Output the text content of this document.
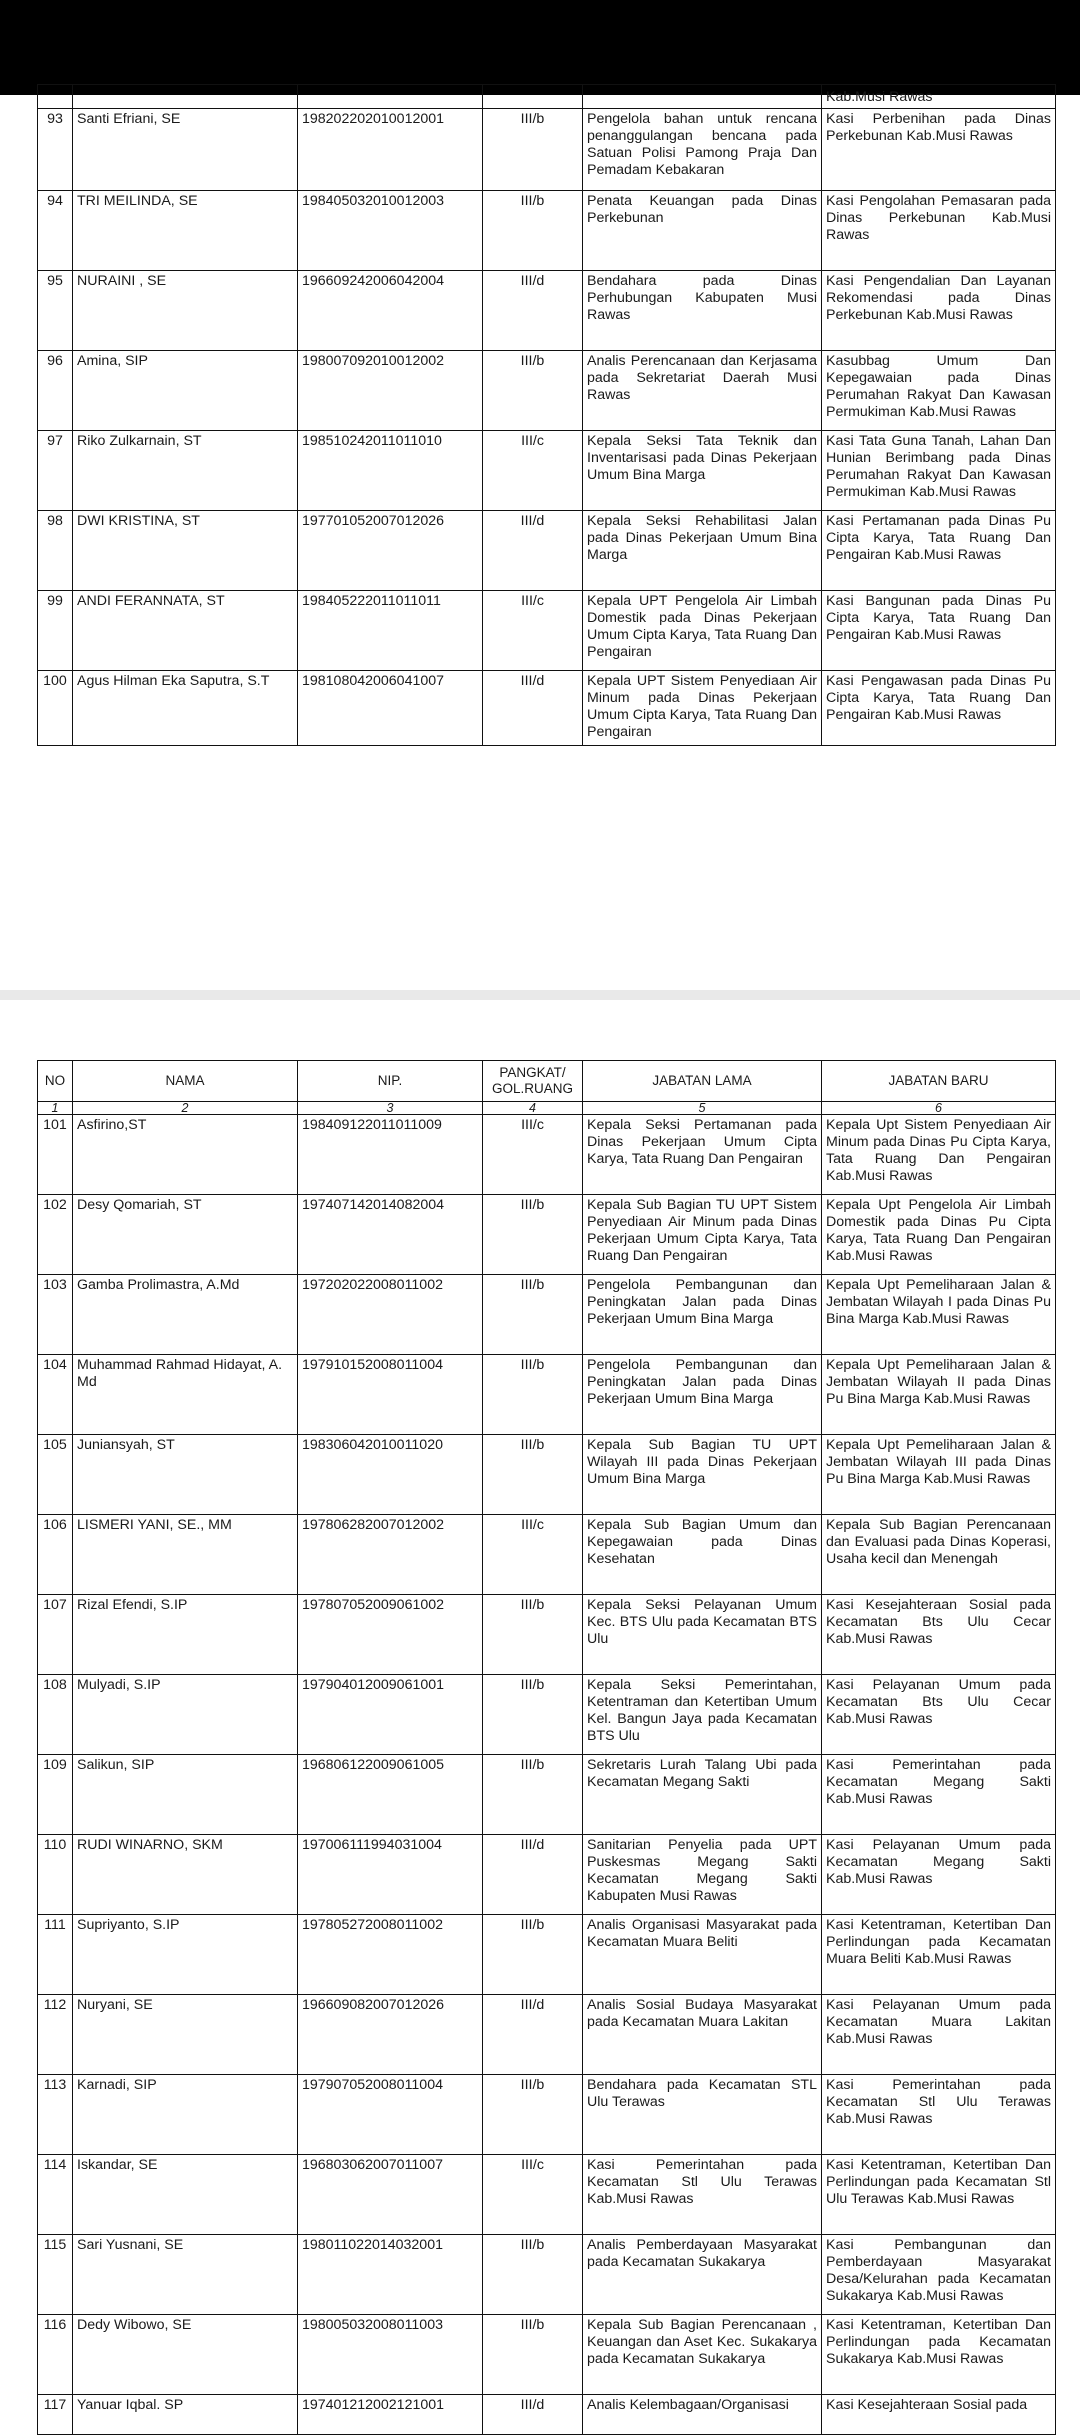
					Kab.Musi Rawas
93	Santi Efriani, SE	198202202010012001	III/b	Pengelola bahan untuk rencana penanggulangan bencana pada Satuan Polisi Pamong Praja Dan Pemadam Kebakaran	Kasi Perbenihan pada Dinas Perkebunan Kab.Musi Rawas
94	TRI MEILINDA, SE	198405032010012003	III/b	Penata Keuangan pada Dinas Perkebunan	Kasi Pengolahan Pemasaran pada Dinas Perkebunan Kab.Musi Rawas
95	NURAINI , SE	196609242006042004	III/d	Bendahara pada Dinas Perhubungan Kabupaten Musi Rawas	Kasi Pengendalian Dan Layanan Rekomendasi pada Dinas Perkebunan Kab.Musi Rawas
96	Amina, SIP	198007092010012002	III/b	Analis Perencanaan dan Kerjasama pada Sekretariat Daerah Musi Rawas	Kasubbag Umum Dan Kepegawaian pada Dinas Perumahan Rakyat Dan Kawasan Permukiman Kab.Musi Rawas
97	Riko Zulkarnain, ST	198510242011011010	III/c	Kepala Seksi Tata Teknik dan Inventarisasi pada Dinas Pekerjaan Umum Bina Marga	Kasi Tata Guna Tanah, Lahan Dan Hunian Berimbang pada Dinas Perumahan Rakyat Dan Kawasan Permukiman Kab.Musi Rawas
98	DWI KRISTINA, ST	197701052007012026	III/d	Kepala Seksi Rehabilitasi Jalan pada Dinas Pekerjaan Umum Bina Marga	Kasi Pertamanan pada Dinas Pu Cipta Karya, Tata Ruang Dan Pengairan Kab.Musi Rawas
99	ANDI FERANNATA, ST	198405222011011011	III/c	Kepala UPT Pengelola Air Limbah Domestik pada Dinas Pekerjaan Umum Cipta Karya, Tata Ruang Dan Pengairan	Kasi Bangunan pada Dinas Pu Cipta Karya, Tata Ruang Dan Pengairan Kab.Musi Rawas
100	Agus Hilman Eka Saputra, S.T	198108042006041007	III/d	Kepala UPT Sistem Penyediaan Air Minum pada Dinas Pekerjaan Umum Cipta Karya, Tata Ruang Dan Pengairan	Kasi Pengawasan pada Dinas Pu Cipta Karya, Tata Ruang Dan Pengairan Kab.Musi Rawas
NO	NAMA	NIP.	PANGKAT/ GOL.RUANG	JABATAN LAMA	JABATAN BARU
1	2	3	4	5	6
101	Asfirino,ST	198409122011011009	III/c	Kepala Seksi Pertamanan pada Dinas Pekerjaan Umum Cipta Karya, Tata Ruang Dan Pengairan	Kepala Upt Sistem Penyediaan Air Minum pada Dinas Pu Cipta Karya, Tata Ruang Dan Pengairan Kab.Musi Rawas
102	Desy Qomariah, ST	197407142014082004	III/b	Kepala Sub Bagian TU UPT Sistem Penyediaan Air Minum pada Dinas Pekerjaan Umum Cipta Karya, Tata Ruang Dan Pengairan	Kepala Upt Pengelola Air Limbah Domestik pada Dinas Pu Cipta Karya, Tata Ruang Dan Pengairan Kab.Musi Rawas
103	Gamba Prolimastra, A.Md	197202022008011002	III/b	Pengelola Pembangunan dan Peningkatan Jalan pada Dinas Pekerjaan Umum Bina Marga	Kepala Upt Pemeliharaan Jalan & Jembatan Wilayah I pada Dinas Pu Bina Marga Kab.Musi Rawas
104	Muhammad Rahmad Hidayat, A. Md	197910152008011004	III/b	Pengelola Pembangunan dan Peningkatan Jalan pada Dinas Pekerjaan Umum Bina Marga	Kepala Upt Pemeliharaan Jalan & Jembatan Wilayah II pada Dinas Pu Bina Marga Kab.Musi Rawas
105	Juniansyah, ST	198306042010011020	III/b	Kepala Sub Bagian TU UPT Wilayah III pada Dinas Pekerjaan Umum Bina Marga	Kepala Upt Pemeliharaan Jalan & Jembatan Wilayah III pada Dinas Pu Bina Marga Kab.Musi Rawas
106	LISMERI YANI, SE., MM	197806282007012002	III/c	Kepala Sub Bagian Umum dan Kepegawaian pada Dinas Kesehatan	Kepala Sub Bagian Perencanaan dan Evaluasi pada Dinas Koperasi, Usaha kecil dan Menengah
107	Rizal Efendi, S.IP	197807052009061002	III/b	Kepala Seksi Pelayanan Umum Kec. BTS Ulu pada Kecamatan BTS Ulu	Kasi Kesejahteraan Sosial pada Kecamatan Bts Ulu Cecar Kab.Musi Rawas
108	Mulyadi, S.IP	197904012009061001	III/b	Kepala Seksi Pemerintahan, Ketentraman dan Ketertiban Umum Kel. Bangun Jaya pada Kecamatan BTS Ulu	Kasi Pelayanan Umum pada Kecamatan Bts Ulu Cecar Kab.Musi Rawas
109	Salikun, SIP	196806122009061005	III/b	Sekretaris Lurah Talang Ubi pada Kecamatan Megang Sakti	Kasi Pemerintahan pada Kecamatan Megang Sakti Kab.Musi Rawas
110	RUDI WINARNO, SKM	197006111994031004	III/d	Sanitarian Penyelia pada UPT Puskesmas Megang Sakti Kecamatan Megang Sakti Kabupaten Musi Rawas	Kasi Pelayanan Umum pada Kecamatan Megang Sakti Kab.Musi Rawas
111	Supriyanto, S.IP	197805272008011002	III/b	Analis Organisasi Masyarakat pada Kecamatan Muara Beliti	Kasi Ketentraman, Ketertiban Dan Perlindungan pada Kecamatan Muara Beliti Kab.Musi Rawas
112	Nuryani, SE	196609082007012026	III/d	Analis Sosial Budaya Masyarakat pada Kecamatan Muara Lakitan	Kasi Pelayanan Umum pada Kecamatan Muara Lakitan Kab.Musi Rawas
113	Karnadi, SIP	197907052008011004	III/b	Bendahara pada Kecamatan STL Ulu Terawas	Kasi Pemerintahan pada Kecamatan Stl Ulu Terawas Kab.Musi Rawas
114	Iskandar, SE	196803062007011007	III/c	Kasi Pemerintahan pada Kecamatan Stl Ulu Terawas Kab.Musi Rawas	Kasi Ketentraman, Ketertiban Dan Perlindungan pada Kecamatan Stl Ulu Terawas Kab.Musi Rawas
115	Sari Yusnani, SE	198011022014032001	III/b	Analis Pemberdayaan Masyarakat pada Kecamatan Sukakarya	Kasi Pembangunan dan Pemberdayaan Masyarakat Desa/Kelurahan pada Kecamatan Sukakarya Kab.Musi Rawas
116	Dedy Wibowo, SE	198005032008011003	III/b	Kepala Sub Bagian Perencanaan , Keuangan dan Aset Kec. Sukakarya pada Kecamatan Sukakarya	Kasi Ketentraman, Ketertiban Dan Perlindungan pada Kecamatan Sukakarya Kab.Musi Rawas
117	Yanuar Iqbal. SP	197401212002121001	III/d	Analis Kelembagaan/Organisasi	Kasi Kesejahteraan Sosial pada
